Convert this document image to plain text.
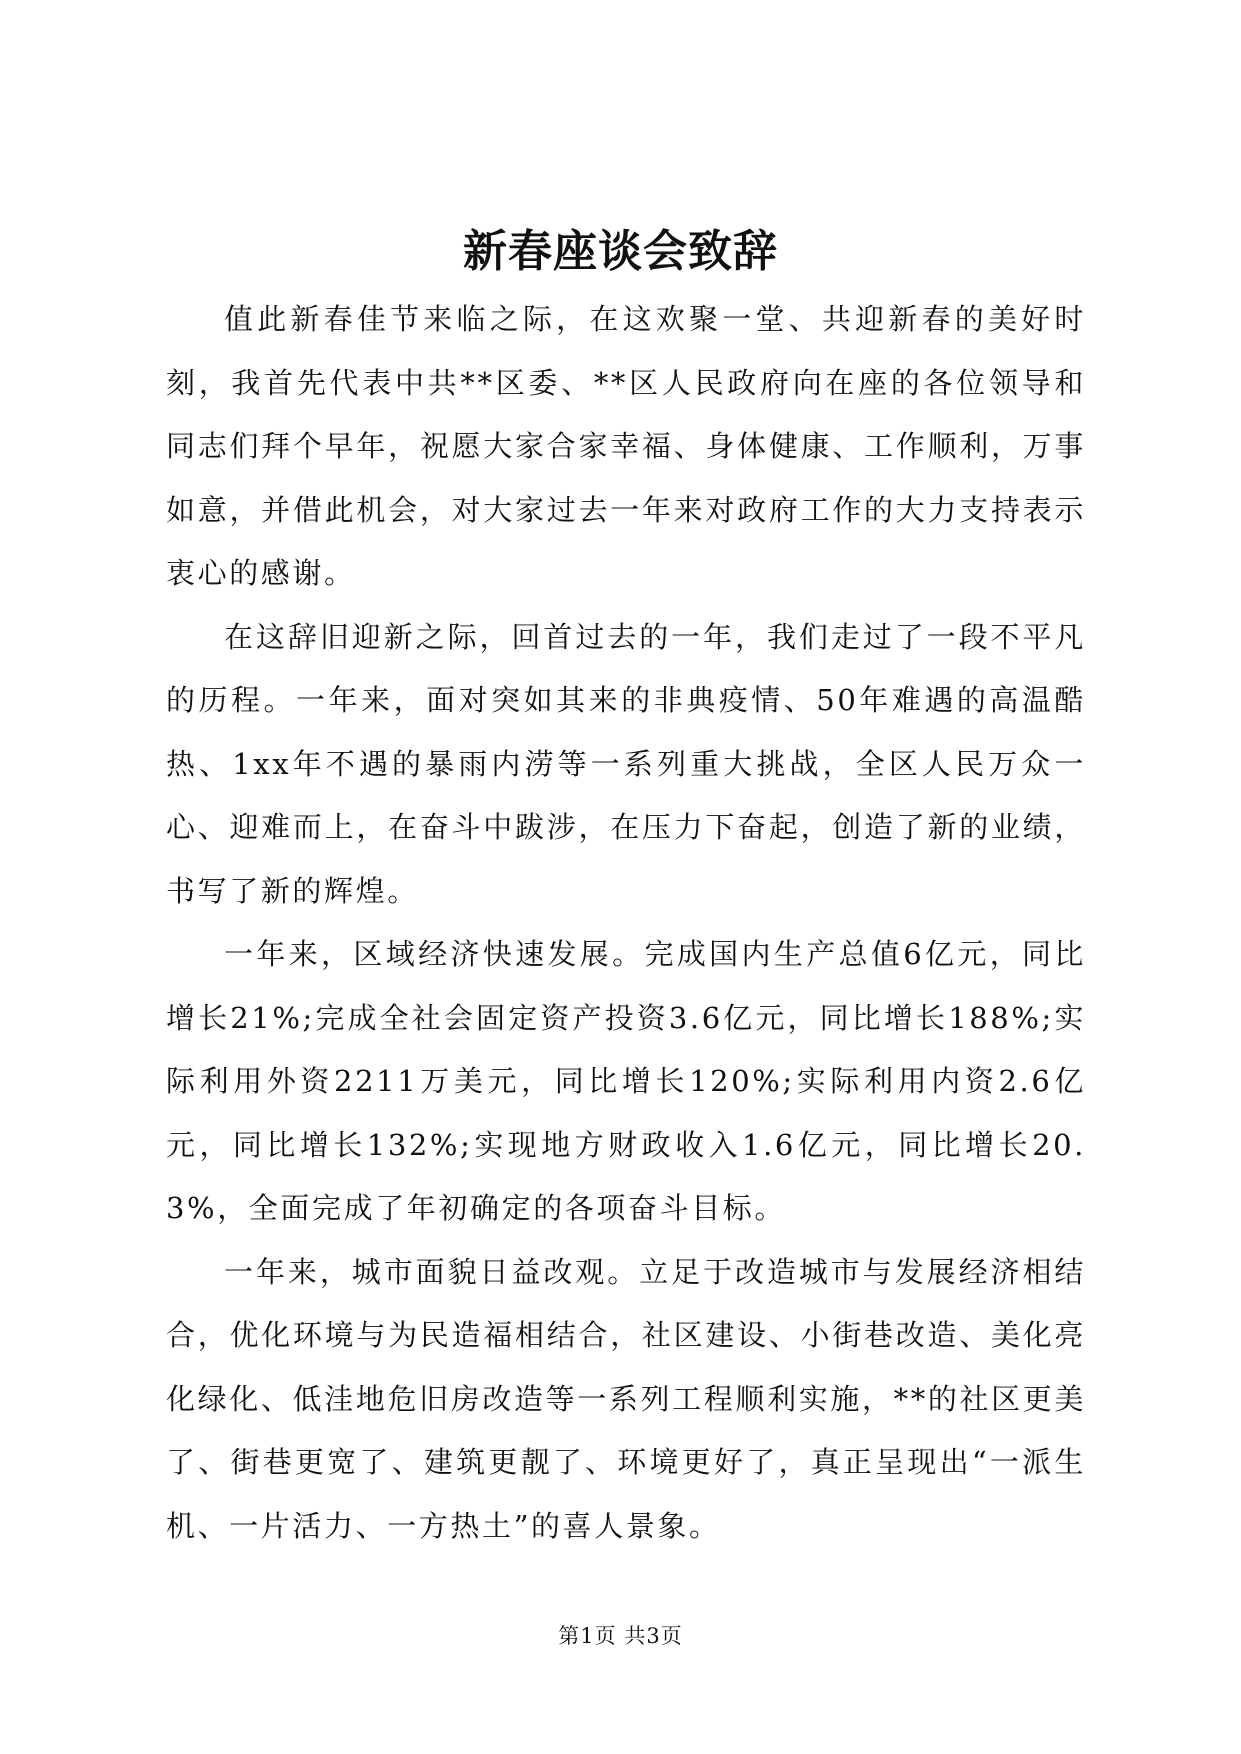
新春座谈会致辞

值此新春佳节来临之际，在这欢聚一堂、共迎新春的美好时刻，我首先代表中共**区委、**区人民政府向在座的各位领导和同志们拜个早年，祝愿大家合家幸福、身体健康、工作顺利，万事如意，并借此机会，对大家过去一年来对政府工作的大力支持表示衷心的感谢。

在这辞旧迎新之际，回首过去的一年，我们走过了一段不平凡的历程。一年来，面对突如其来的非典疫情、50年难遇的高温酷热、1xx年不遇的暴雨内涝等一系列重大挑战，全区人民万众一心、迎难而上，在奋斗中跋涉，在压力下奋起，创造了新的业绩，书写了新的辉煌。

一年来，区域经济快速发展。完成国内生产总值6亿元，同比增长21%;完成全社会固定资产投资3.6亿元，同比增长188%;实际利用外资2211万美元，同比增长120%;实际利用内资2.6亿元，同比增长132%;实现地方财政收入1.6亿元，同比增长20.3%，全面完成了年初确定的各项奋斗目标。

一年来，城市面貌日益改观。立足于改造城市与发展经济相结合，优化环境与为民造福相结合，社区建设、小街巷改造、美化亮化绿化、低洼地危旧房改造等一系列工程顺利实施，**的社区更美了、街巷更宽了、建筑更靓了、环境更好了，真正呈现出“一派生机、一片活力、一方热土”的喜人景象。

第1页 共3页
